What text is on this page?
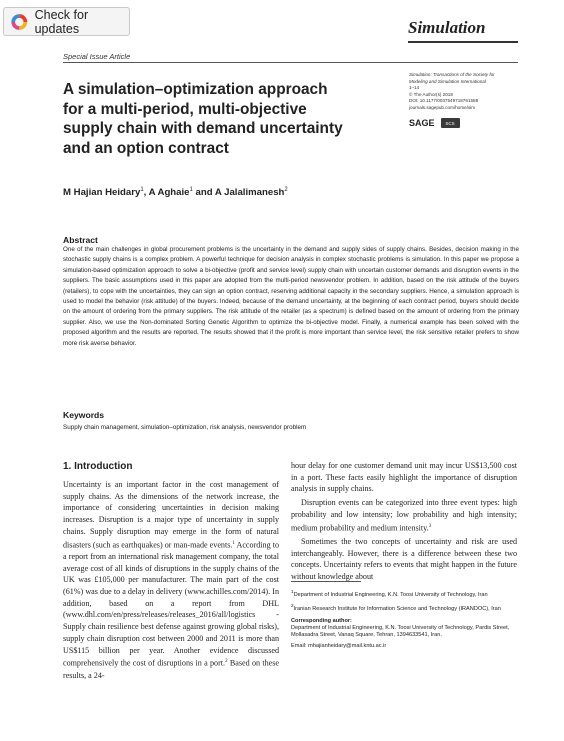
Check for updates	Simulation
Special Issue Article
A simulation–optimization approach
for a multi-period, multi-objective
supply chain with demand uncertainty
and an option contract
Simulation: Transactions of the Society for
Modeling and Simulation International
1–14
© The Author(s) 2018
DOI: 10.1177/0037549718761588
journals.sagepub.com/home/sim
SAGE	SCS
M Hajian Heidary$^1$, A Aghaie$^1$ and A Jalalimanesh$^2$
Abstract

One of the main challenges in global procurement problems is the uncertainty in the demand and supply sides of supply chains. Besides, decision making in the stochastic supply chains is a complex problem. A powerful technique for decision analysis in complex stochastic problems is simulation. In this paper we propose a simulation-based optimization approach to solve a bi-objective (profit and service level) supply chain with uncertain customer demands and disruption events in the suppliers. The basic assumptions used in this paper are adopted from the multi-period newsvendor problem. In addition, based on the risk attitude of the buyers (retailers), to cope with the uncertainties, they can sign an option contract, reserving additional capacity in the secondary suppliers. Hence, a simulation approach is used to model the behavior (risk attitude) of the buyers. Indeed, because of the demand uncertainty, at the beginning of each contract period, buyers should decide on the amount of ordering from the primary suppliers. The risk attitude of the retailer (as a spectrum) is defined based on the amount of ordering from the primary supplier. Also, we use the Non-dominated Sorting Genetic Algorithm to optimize the bi-objective model. Finally, a numerical example has been solved with the proposed algorithm and the results are reported. The results showed that if the profit is more important than service level, the risk sensitive retailer prefers to show more risk averse behavior.

Keywords
Supply chain management, simulation–optimization, risk analysis, newsvendor problem
1. Introduction

Uncertainty is an important factor in the cost management of supply chains. As the dimensions of the network increase, the importance of considering uncertainties in decision making increases. Disruption is a major type of uncertainty in supply chains. Supply disruption may emerge in the form of natural disasters (such as earthquakes) or man-made events.$^1$ According to a report from an international risk management company, the total average cost of all kinds of disruptions in the supply chains of the UK was £105,000 per manufacturer. The main part of the cost (61%) was due to a delay in delivery (www.achilles.com/2014). In addition, based on a report from DHL (www.dhl.com/en/press/releases/releases_2016/all/logistics - Supply chain resilience best defense against growing global risks), supply chain disruption cost between 2000 and 2011 is more than US$115 billion per year. Another evidence discussed comprehensively the cost of disruptions in a port.$^2$ Based on these results, a 24-

hour delay for one customer demand unit may incur US$13,500 cost in a port. These facts easily highlight the importance of disruption analysis in supply chains.

Disruption events can be categorized into three event types: high probability and low intensity; low probability and high intensity; medium probability and medium intensity.$^3$

Sometimes the two concepts of uncertainty and risk are used interchangeably. However, there is a difference between these two concepts. Uncertainty refers to events that might happen in the future without knowledge about

$^1$Department of Industrial Engineering, K.N. Toosi University of Technology, Iran

$^2$Iranian Research Institute for Information Science and Technology (IRANDOC), Iran

Corresponding author:

Department of Industrial Engineering, K.N. Toosi University of Technology, Pardis Street, Mollasadra Street, Vanaq Square, Tehran, 1394633541, Iran.

Email: mhajianheidary@mail.kntu.ac.ir
